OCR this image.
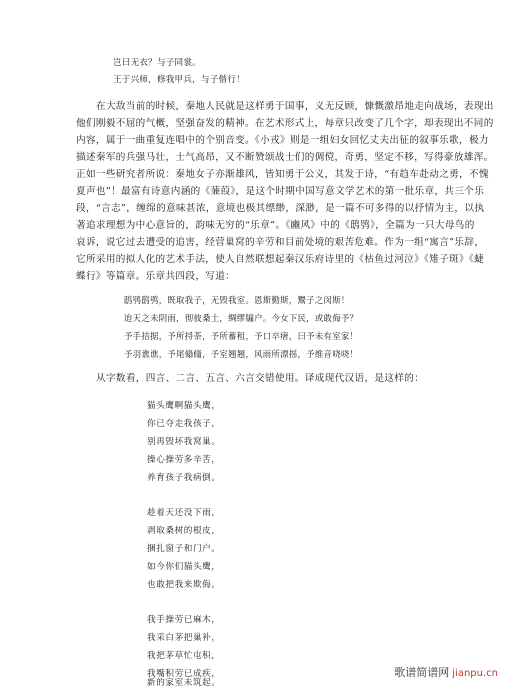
岂曰无衣？与子同裳。
王于兴师，修我甲兵，与子偕行！
在大敌当前的时候，秦地人民就是这样勇于国事，义无反顾，慷慨激昂地走向战场，表现出
他们刚毅不屈的气概，坚强奋发的精神。在艺术形式上，每章只改变了几个字，却表现出不同的
内容，属于一曲重复连唱中的个别音变。《小戎》则是一组妇女回忆丈夫出征的叙事乐歌，极力
描述秦军的兵强马壮，士气高昂，又不断赞颂战士们的倜傥，奇勇，坚定不移，写得豪放雄浑。
正如一些研究者所说：秦地女子亦渐雄风，皆知勇于公义，其发于诗，“有趋车赴动之勇，不愧
夏声也”！最富有诗意内涵的《蒹葭》，是这个时期中国写意文学艺术的第一批乐章，共三个乐
段，“言志”，缠绵的意味甚浓，意境也极其缥缈，深渺，是一篇不可多得的以抒情为主，以执
著追求理想为中心意旨的，韵味无穷的“乐章”。《豳风》中的《鸱鸮》，全篇为一只大母鸟的
哀诉，说它过去遭受的追害，经营巢窝的辛劳和目前处境的艰苦危难。作为一组“寓言”乐辞，
它所采用的拟人化的艺术手法，使人自然联想起秦汉乐府诗里的《枯鱼过河泣》《雉子斑》《蜨
蝶行》等篇章。乐章共四段，写道：
鸱鸮鸱鸮，既取我子，无毁我室。恩斯勤斯，鬻子之闵斯！
迨天之未阴雨，彻彼桑土，绸缪牖户。今女下民，或敢侮予？
予手拮据，予所捋荼，予所蓄租，予口卒瘏，曰予未有室家！
予羽谯谯，予尾翛翛，予室翘翘，风雨所漂摇，予维音哓哓！
从字数看，四言、二言、五言、六言交错使用。译成现代汉语，是这样的：
猫头鹰啊猫头鹰，
你已夺走我孩子，
别再毁坏我窝巢。
操心操劳多辛苦，
养育孩子我病倒。
趁着天还没下雨，
剥取桑树的根皮，
捆扎窗子和门户。
如今你们猫头鹰，
也敢把我来欺侮。
我手操劳已麻木，
我采白茅把巢补，
我把茅草忙屯积，
我嘴积劳已成疾，
新的家室未筑起。
歌谱简谱网 jianpu.cn
